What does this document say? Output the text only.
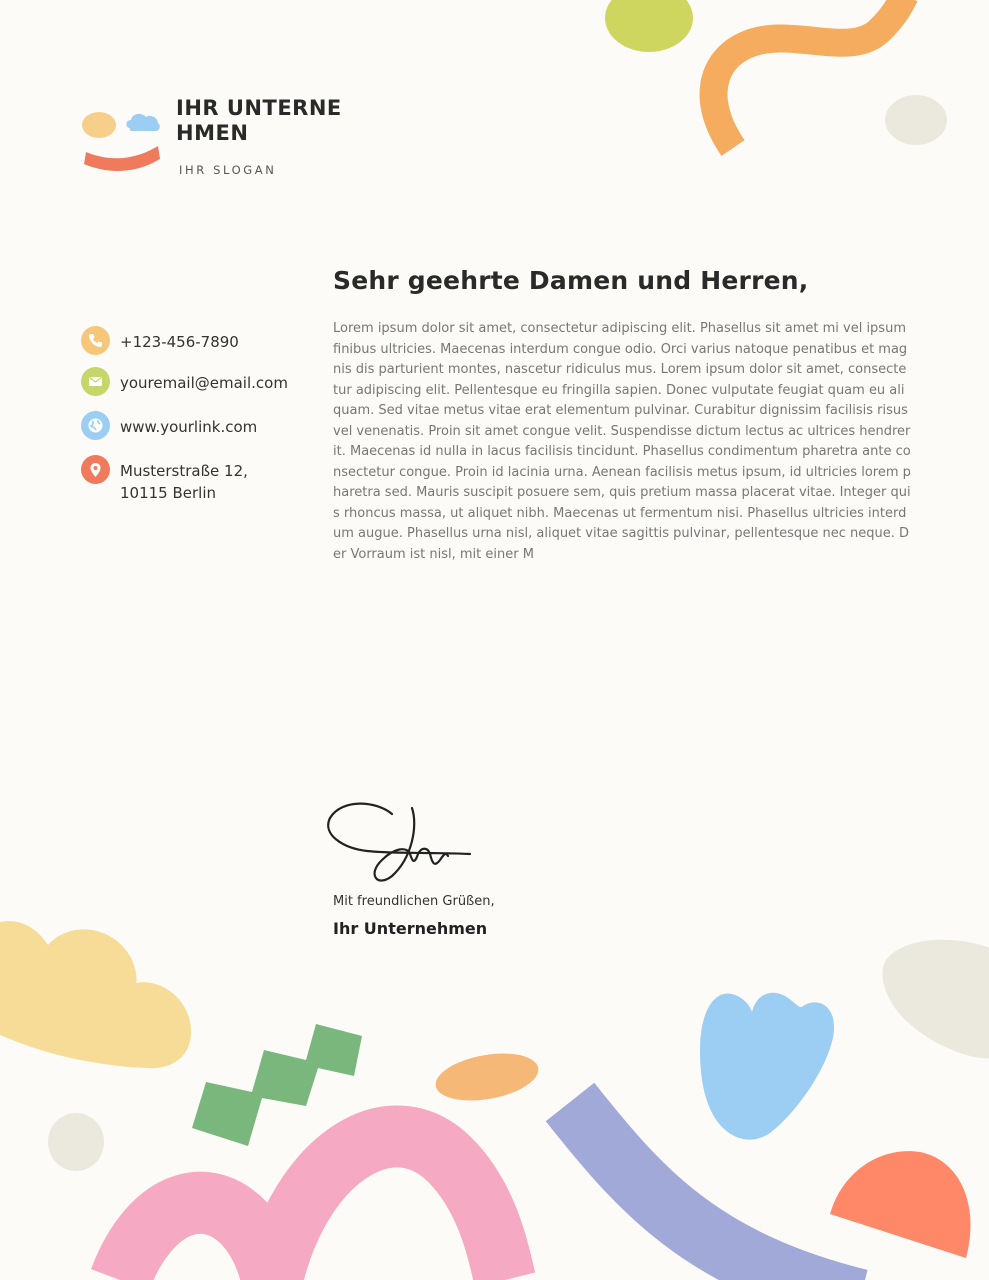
IHR UNTERNEHMEN
IHR SLOGAN
+123-456-7890
youremail@email.com
www.yourlink.com
Musterstraße 12,
10115 Berlin
Sehr geehrte Damen und Herren,

Lorem ipsum dolor sit amet, consectetur adipiscing elit. Phasellus sit amet mi vel ipsum finibus ultricies. Maecenas interdum congue odio. Orci varius natoque penatibus et magnis dis parturient montes, nascetur ridiculus mus. Lorem ipsum dolor sit amet, consectetur adipiscing elit. Pellentesque eu fringilla sapien. Donec vulputate feugiat quam eu aliquam. Sed vitae metus vitae erat elementum pulvinar. Curabitur dignissim facilisis risus vel venenatis. Proin sit amet congue velit. Suspendisse dictum lectus ac ultrices hendrerit. Maecenas id nulla in lacus facilisis tincidunt. Phasellus condimentum pharetra ante consectetur congue. Proin id lacinia urna. Aenean facilisis metus ipsum, id ultricies lorem pharetra sed. Mauris suscipit posuere sem, quis pretium massa placerat vitae. Integer quis rhoncus massa, ut aliquet nibh. Maecenas ut fermentum nisi. Phasellus ultricies interdum augue. Phasellus urna nisl, aliquet vitae sagittis pulvinar, pellentesque nec neque. Der Vorraum ist nisl, mit einer M

Mit freundlichen Grüßen,
Ihr Unternehmen
